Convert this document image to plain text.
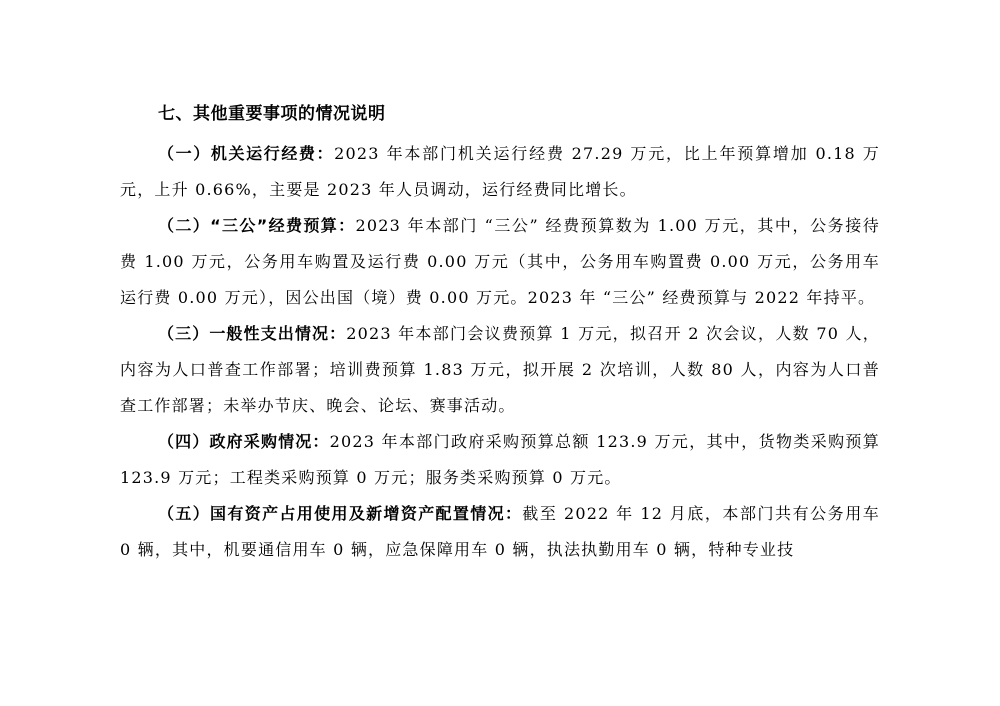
七、其他重要事项的情况说明

（一）机关运行经费：2023 年本部门机关运行经费 27.29 万元，比上年预算增加 0.18 万元，上升 0.66%，主要是 2023 年人员调动，运行经费同比增长。

（二）“三公”经费预算：2023 年本部门 “三公” 经费预算数为 1.00 万元，其中，公务接待费 1.00 万元，公务用车购置及运行费 0.00 万元（其中，公务用车购置费 0.00 万元，公务用车运行费 0.00 万元），因公出国（境）费 0.00 万元。2023 年 “三公” 经费预算与 2022 年持平。

（三）一般性支出情况：2023 年本部门会议费预算 1 万元，拟召开 2 次会议，人数 70 人，内容为人口普查工作部署；培训费预算 1.83 万元，拟开展 2 次培训，人数 80 人，内容为人口普查工作部署；未举办节庆、晚会、论坛、赛事活动。

（四）政府采购情况：2023 年本部门政府采购预算总额 123.9 万元，其中，货物类采购预算 123.9 万元；工程类采购预算 0 万元；服务类采购预算 0 万元。

（五）国有资产占用使用及新增资产配置情况：截至 2022 年 12 月底，本部门共有公务用车 0 辆，其中，机要通信用车 0 辆，应急保障用车 0 辆，执法执勤用车 0 辆，特种专业技
